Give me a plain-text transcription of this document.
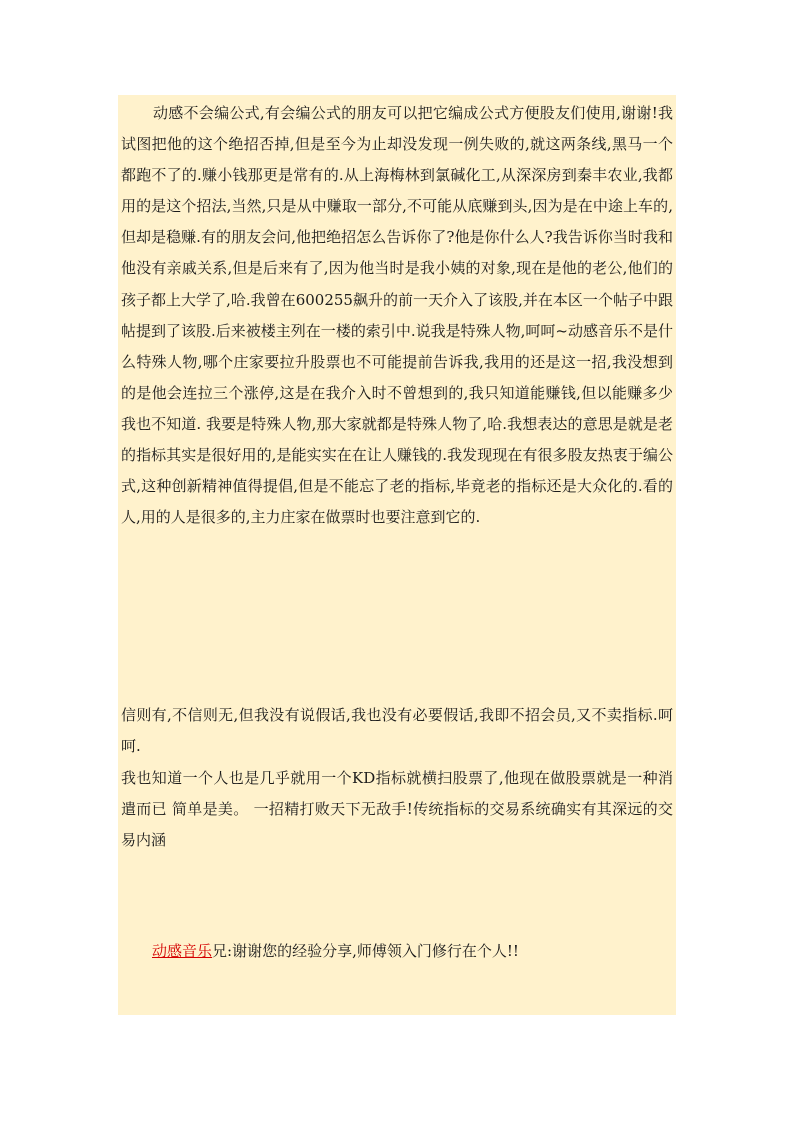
动感不会编公式,有会编公式的朋友可以把它编成公式方便股友们使用,谢谢!我试图把他的这个绝招否掉,但是至今为止却没发现一例失败的,就这两条线,黑马一个都跑不了的.赚小钱那更是常有的.从上海梅林到氯碱化工,从深深房到秦丰农业,我都用的是这个招法,当然,只是从中赚取一部分,不可能从底赚到头,因为是在中途上车的,但却是稳赚.有的朋友会问,他把绝招怎么告诉你了?他是你什么人?我告诉你当时我和他没有亲戚关系,但是后来有了,因为他当时是我小姨的对象,现在是他的老公,他们的孩子都上大学了,哈.我曾在600255飙升的前一天介入了该股,并在本区一个帖子中跟帖提到了该股.后来被楼主列在一楼的索引中.说我是特殊人物,呵呵~动感音乐不是什么特殊人物,哪个庄家要拉升股票也不可能提前告诉我,我用的还是这一招,我没想到的是他会连拉三个涨停,这是在我介入时不曾想到的,我只知道能赚钱,但以能赚多少我也不知道. 我要是特殊人物,那大家就都是特殊人物了,哈.我想表达的意思是就是老的指标其实是很好用的,是能实实在在让人赚钱的.我发现现在有很多股友热衷于编公式,这种创新精神值得提倡,但是不能忘了老的指标,毕竟老的指标还是大众化的.看的人,用的人是很多的,主力庄家在做票时也要注意到它的.

信则有,不信则无,但我没有说假话,我也没有必要假话,我即不招会员,又不卖指标.呵呵.

我也知道一个人也是几乎就用一个KD指标就横扫股票了,他现在做股票就是一种消遣而已 简单是美。 一招精打败天下无敌手!传统指标的交易系统确实有其深远的交易内涵

动感音乐兄:谢谢您的经验分享,师傅领入门修行在个人!!
